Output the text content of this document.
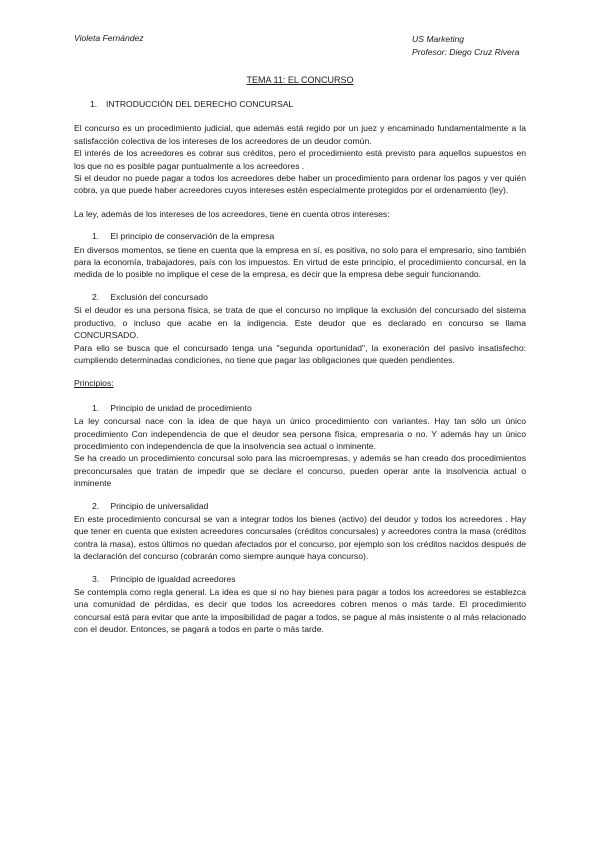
Violeta Fernández	US Marketing
Profesor: Diego Cruz Rivera
TEMA 11: EL CONCURSO
1. INTRODUCCIÓN DEL DERECHO CONCURSAL

El concurso es un procedimiento judicial, que además está regido por un juez y encaminado fundamentalmente a la satisfacción colectiva de los intereses de los acreedores de un deudor común.

El interés de los acreedores es cobrar sus créditos, pero el procedimiento está previsto para aquellos supuestos en los que no es posible pagar puntualmente a los acreedores .

Si el deudor no puede pagar a todos los acreedores debe haber un procedimiento para ordenar los pagos y ver quién cobra, ya que puede haber acreedores cuyos intereses estén especialmente protegidos por el ordenamiento (ley).

La ley, además de los intereses de los acreedores, tiene en cuenta otros intereses:

1. El principio de conservación de la empresa

En diversos momentos, se tiene en cuenta que la empresa en sí, es positiva, no solo para el empresario, sino también para la economía, trabajadores, país con los impuestos. En virtud de este principio, el procedimiento concursal, en la medida de lo posible no implique el cese de la empresa, es decir que la empresa debe seguir funcionando.

2. Exclusión del concursado

Si el deudor es una persona física, se trata de que el concurso no implique la exclusión del concursado del sistema productivo, o incluso que acabe en la indigencia. Este deudor que es declarado en concurso se llama CONCURSADO.

Para ello se busca que el concursado tenga una "segunda oportunidad", la exoneración del pasivo insatisfecho: cumpliendo determinadas condiciones, no tiene que pagar las obligaciones que queden pendientes.

Principios:
1. Principio de unidad de procedimiento

La ley concursal nace con la idea de que haya un único procedimiento con variantes. Hay tan sólo un único procedimiento Con independencia de que el deudor sea persona física, empresaria o no. Y además hay un único procedimiento con independencia de que la insolvencia sea actual o inminente.

Se ha creado un procedimiento concursal solo para las microempresas, y además se han creado dos procedimientos preconcursales que tratan de impedir que se declare el concurso, pueden operar ante la insolvencia actual o inminente

2. Principio de universalidad

En este procedimiento concursal se van a integrar todos los bienes (activo) del deudor y todos los acreedores . Hay que tener en cuenta que existen acreedores concursales (créditos concursales) y acreedores contra la masa (créditos contra la masa), estos últimos no quedan afectados por el concurso, por ejemplo son los créditos nacidos después de la declaración del concurso (cobrarán como siempre aunque haya concurso).

3. Principio de igualdad acreedores

Se contempla como regla general. La idea es que si no hay bienes para pagar a todos los acreedores se establezca una comunidad de pérdidas, es decir que todos los acreedores cobren menos o más tarde. El procedimiento concursal está para evitar que ante la imposibilidad de pagar a todos, se pague al más insistente o al más relacionado con el deudor. Entonces, se pagará a todos en parte o más tarde.
